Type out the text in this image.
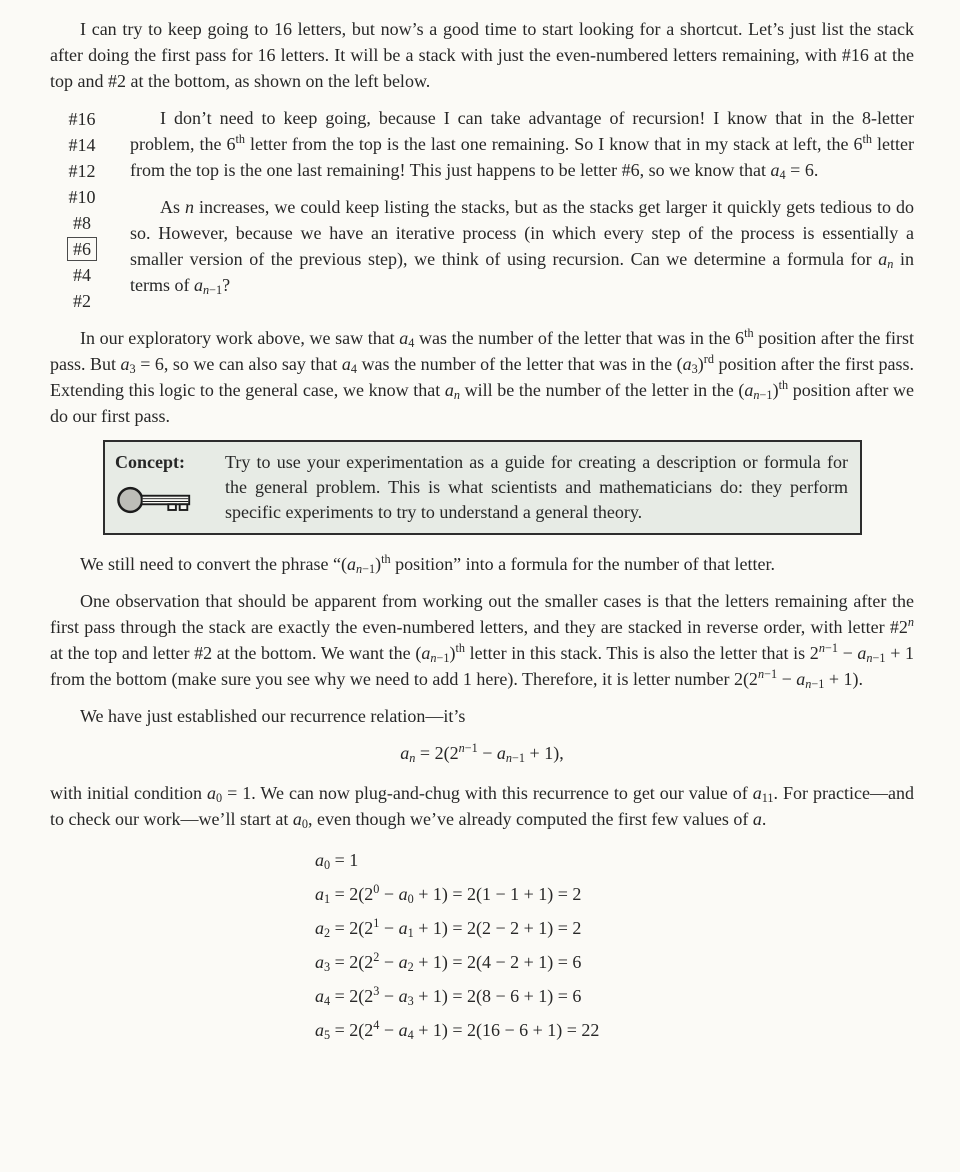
I can try to keep going to 16 letters, but now’s a good time to start looking for a shortcut. Let’s just list the stack after doing the first pass for 16 letters. It will be a stack with just the even-numbered letters remaining, with #16 at the top and #2 at the bottom, as shown on the left below.

#16
#14
#12
#10
#8
#6
#4
#2

I don’t need to keep going, because I can take advantage of recursion! I know that in the 8-letter problem, the 6th letter from the top is the last one remaining. So I know that in my stack at left, the 6th letter from the top is the one last remaining! This just happens to be letter #6, so we know that $a_4 = 6$.

As n increases, we could keep listing the stacks, but as the stacks get larger it quickly gets tedious to do so. However, because we have an iterative process (in which every step of the process is essentially a smaller version of the previous step), we think of using recursion. Can we determine a formula for $a_n$ in terms of $a_{n-1}$?

In our exploratory work above, we saw that $a_4$ was the number of the letter that was in the 6th position after the first pass. But $a_3 = 6$, so we can also say that $a_4$ was the number of the letter that was in the $(a_3)^{rd}$ position after the first pass. Extending this logic to the general case, we know that $a_n$ will be the number of the letter in the $(a_{n-1})^{th}$ position after we do our first pass.

Concept:	Try to use your experimentation as a guide for creating a description or formula for the general problem. This is what scientists and mathematicians do: they perform specific experiments to try to understand a general theory.

We still need to convert the phrase “$(a_{n-1})^{th}$ position” into a formula for the number of that letter.

One observation that should be apparent from working out the smaller cases is that the letters remaining after the first pass through the stack are exactly the even-numbered letters, and they are stacked in reverse order, with letter #2$^n$ at the top and letter #2 at the bottom. We want the $(a_{n-1})^{th}$ letter in this stack. This is also the letter that is $2^{n-1} - a_{n-1} + 1$ from the bottom (make sure you see why we need to add 1 here). Therefore, it is letter number $2(2^{n-1} - a_{n-1} + 1)$.

We have just established our recurrence relation—it’s

$a_n = 2(2^{n-1} - a_{n-1} + 1)$,

with initial condition $a_0 = 1$. We can now plug-and-chug with this recurrence to get our value of $a_{11}$. For practice—and to check our work—we’ll start at $a_0$, even though we’ve already computed the first few values of a.

$a_0 = 1$
$a_1 = 2(2^0 - a_0 + 1) = 2(1 - 1 + 1) = 2$
$a_2 = 2(2^1 - a_1 + 1) = 2(2 - 2 + 1) = 2$
$a_3 = 2(2^2 - a_2 + 1) = 2(4 - 2 + 1) = 6$
$a_4 = 2(2^3 - a_3 + 1) = 2(8 - 6 + 1) = 6$
$a_5 = 2(2^4 - a_4 + 1) = 2(16 - 6 + 1) = 22$
